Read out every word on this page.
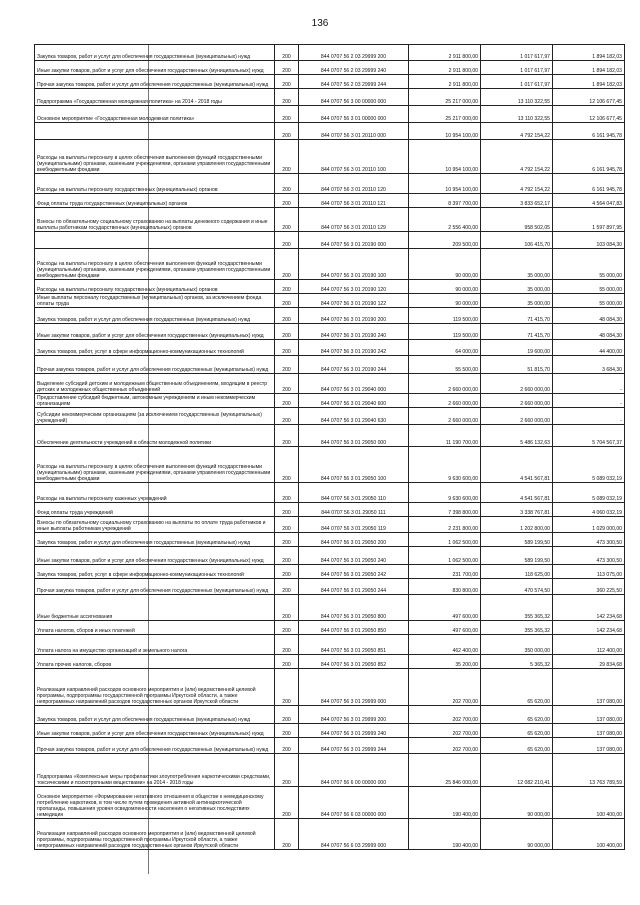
136
Закупка товаров, работ и услуг для обеспечения государственных (муниципальных) нужд	200	844 0707 56 2 03 29999 200	2 911 800,00	1 017 617,97	1 894 182,03
Иные закупки товаров, работ и услуг для обеспечения государственных (муниципальных) нужд	200	844 0707 56 2 03 29999 240	2 911 800,00	1 017 617,97	1 894 182,03
Прочая закупка товаров, работ и услуг для обеспечения государственных (муниципальных) нужд	200	844 0707 56 2 03 29999 244	2 911 800,00	1 017 617,97	1 894 182,03
Подпрограмма «Государственная молодежная политика» на 2014 - 2018 годы	200	844 0707 56 3 00 00000 000	25 217 000,00	13 110 322,55	12 106 677,45
Основное мероприятие «Государственная молодежная политика»	200	844 0707 56 3 01 00000 000	25 217 000,00	13 110 322,55	12 106 677,45
	200	844 0707 56 3 01 20110 000	10 954 100,00	4 792 154,22	6 161 945,78
Расходы на выплаты персоналу в целях обеспечения выполнения функций государственными (муниципальными) органами, казенными учреждениями, органами управления государственными внебюджетными фондами	200	844 0707 56 3 01 20110 100	10 954 100,00	4 792 154,22	6 161 945,78
Расходы на выплаты персоналу государственных (муниципальных) органов	200	844 0707 56 3 01 20110 120	10 954 100,00	4 792 154,22	6 161 945,78
Фонд оплаты труда государственных (муниципальных) органов	200	844 0707 56 3 01 20110 121	8 397 700,00	3 833 652,17	4 564 047,83
Взносы по обязательному социальному страхованию на выплаты денежного содержания и иные выплаты работникам государственных (муниципальных) органов	200	844 0707 56 3 01 20110 129	2 556 400,00	958 502,05	1 597 897,95
	200	844 0707 56 3 01 20190 000	209 500,00	106 415,70	103 084,30
Расходы на выплаты персоналу в целях обеспечения выполнения функций государственными (муниципальными) органами, казенными учреждениями, органами управления государственными внебюджетными фондами	200	844 0707 56 3 01 20190 100	90 000,00	35 000,00	55 000,00
Расходы на выплаты персоналу государственных (муниципальных) органов	200	844 0707 56 3 01 20190 120	90 000,00	35 000,00	55 000,00
Иные выплаты персоналу государственных (муниципальных) органов, за исключением фонда оплаты труда	200	844 0707 56 3 01 20190 122	90 000,00	35 000,00	55 000,00
Закупка товаров, работ и услуг для обеспечения государственных (муниципальных) нужд	200	844 0707 56 3 01 20190 200	119 500,00	71 415,70	48 084,30
Иные закупки товаров, работ и услуг для обеспечения государственных (муниципальных) нужд	200	844 0707 56 3 01 20190 240	119 500,00	71 415,70	48 084,30
Закупка товаров, работ, услуг в сфере информационно-коммуникационных технологий	200	844 0707 56 3 01 20190 242	64 000,00	19 600,00	44 400,00
Прочая закупка товаров, работ и услуг для обеспечения государственных (муниципальных) нужд	200	844 0707 56 3 01 20190 244	55 500,00	51 815,70	3 684,30
Выделение субсидий детским и молодежным общественным объединениям, входящим в реестр детских и молодежных общественных объединений	200	844 0707 56 3 01 29040 000	2 660 000,00	2 660 000,00	-
Предоставление субсидий бюджетным, автономным учреждениям и иным некоммерческим организациям	200	844 0707 56 3 01 29040 600	2 660 000,00	2 660 000,00	-
Субсидии некоммерческим организациям (за исключением государственных (муниципальных) учреждений)	200	844 0707 56 3 01 29040 630	2 660 000,00	2 660 000,00	-
Обеспечение деятельности учреждений в области молодежной политики	200	844 0707 56 3 01 29050 000	11 190 700,00	5 486 132,63	5 704 567,37
Расходы на выплаты персоналу в целях обеспечения выполнения функций государственными (муниципальными) органами, казенными учреждениями, органами управления государственными внебюджетными фондами	200	844 0707 56 3 01 29050 100	9 630 600,00	4 541 567,81	5 089 032,19
Расходы на выплаты персоналу казенных учреждений	200	844 0707 56 3 01 29050 110	9 630 600,00	4 541 567,81	5 089 032,19
Фонд оплаты труда учреждений	200	844 0707 56 3 01 29050 111	7 398 800,00	3 338 767,81	4 060 032,19
Взносы по обязательному социальному страхованию на выплаты по оплате труда работников и иные выплаты работникам учреждений	200	844 0707 56 3 01 29050 119	2 231 800,00	1 202 800,00	1 029 000,00
Закупка товаров, работ и услуг для обеспечения государственных (муниципальных) нужд	200	844 0707 56 3 01 29050 200	1 062 500,00	589 199,50	473 300,50
Иные закупки товаров, работ и услуг для обеспечения государственных (муниципальных) нужд	200	844 0707 56 3 01 29050 240	1 062 500,00	589 199,50	473 300,50
Закупка товаров, работ, услуг в сфере информационно-коммуникационных технологий	200	844 0707 56 3 01 29050 242	231 700,00	118 625,00	113 075,00
Прочая закупка товаров, работ и услуг для обеспечения государственных (муниципальных) нужд	200	844 0707 56 3 01 29050 244	830 800,00	470 574,50	360 225,50
Иные бюджетные ассигнования	200	844 0707 56 3 01 29050 800	497 600,00	355 365,32	142 234,68
Уплата налогов, сборов и иных платежей	200	844 0707 56 3 01 29050 850	497 600,00	355 365,32	142 234,68
Уплата налога на имущество организаций и земельного налога	200	844 0707 56 3 01 29050 851	462 400,00	350 000,00	112 400,00
Уплата прочих налогов, сборов	200	844 0707 56 3 01 29050 852	35 200,00	5 365,32	29 834,68
Реализация направлений расходов основного мероприятия и (или) ведомственной целевой программы, подпрограммы государственной программы Иркутской области, а также непрограммных направлений расходов государственных органов Иркутской области	200	844 0707 56 3 01 29999 000	202 700,00	65 620,00	137 080,00
Закупка товаров, работ и услуг для обеспечения государственных (муниципальных) нужд	200	844 0707 56 3 01 29999 200	202 700,00	65 620,00	137 080,00
Иные закупки товаров, работ и услуг для обеспечения государственных (муниципальных) нужд	200	844 0707 56 3 01 29999 240	202 700,00	65 620,00	137 080,00
Прочая закупка товаров, работ и услуг для обеспечения государственных (муниципальных) нужд	200	844 0707 56 3 01 29999 244	202 700,00	65 620,00	137 080,00
Подпрограмма «Комплексные меры профилактики злоупотребления наркотическими средствами, токсическими и психотропными веществами» на 2014 - 2018 годы	200	844 0707 56 6 00 00000 000	25 846 000,00	12 082 210,41	13 763 789,59
Основное мероприятие «Формирование негативного отношения в обществе к немедицинскому потреблению наркотиков, в том числе путем проведения активной антинаркотической пропаганды, повышения уровня осведомленности населения о негативных последствиях немедицин	200	844 0707 56 6 03 00000 000	190 400,00	90 000,00	100 400,00
Реализация направлений расходов основного мероприятия и (или) ведомственной целевой программы, подпрограммы государственной программы Иркутской области, а также непрограммных направлений расходов государственных органов Иркутской области	200	844 0707 56 6 03 29999 000	190 400,00	90 000,00	100 400,00
